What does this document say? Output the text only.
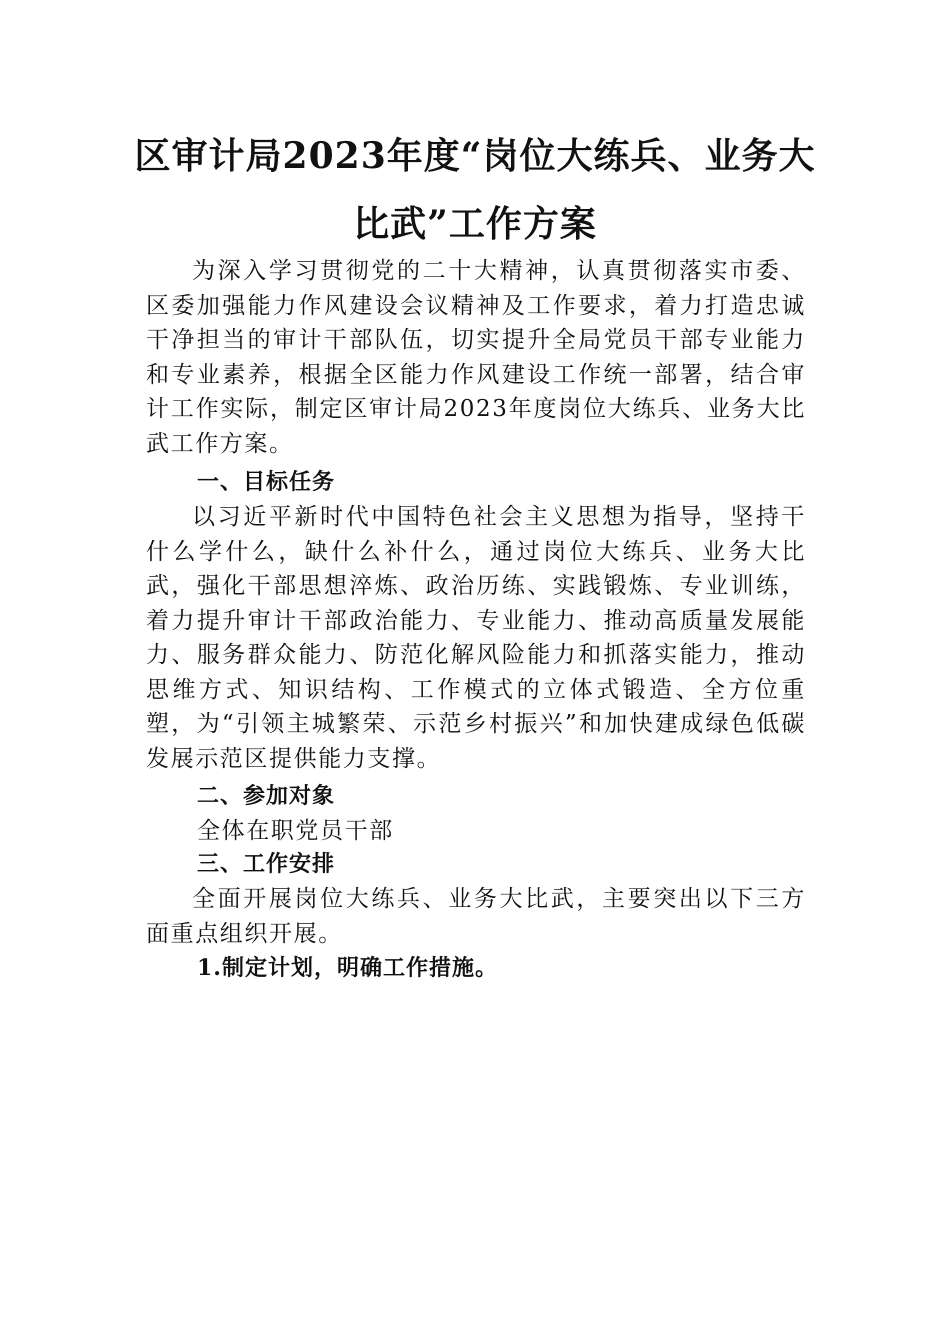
区审计局2023年度“岗位大练兵、业务大
比武”工作方案

为深入学习贯彻党的二十大精神，认真贯彻落实市委、区委加强能力作风建设会议精神及工作要求，着力打造忠诚干净担当的审计干部队伍，切实提升全局党员干部专业能力和专业素养，根据全区能力作风建设工作统一部署，结合审计工作实际，制定区审计局2023年度岗位大练兵、业务大比武工作方案。

一、目标任务

以习近平新时代中国特色社会主义思想为指导，坚持干什么学什么，缺什么补什么，通过岗位大练兵、业务大比武，强化干部思想淬炼、政治历练、实践锻炼、专业训练，着力提升审计干部政治能力、专业能力、推动高质量发展能力、服务群众能力、防范化解风险能力和抓落实能力，推动思维方式、知识结构、工作模式的立体式锻造、全方位重塑，为“引领主城繁荣、示范乡村振兴”和加快建成绿色低碳发展示范区提供能力支撑。

二、参加对象

全体在职党员干部

三、工作安排

全面开展岗位大练兵、业务大比武，主要突出以下三方面重点组织开展。

1.制定计划，明确工作措施。
